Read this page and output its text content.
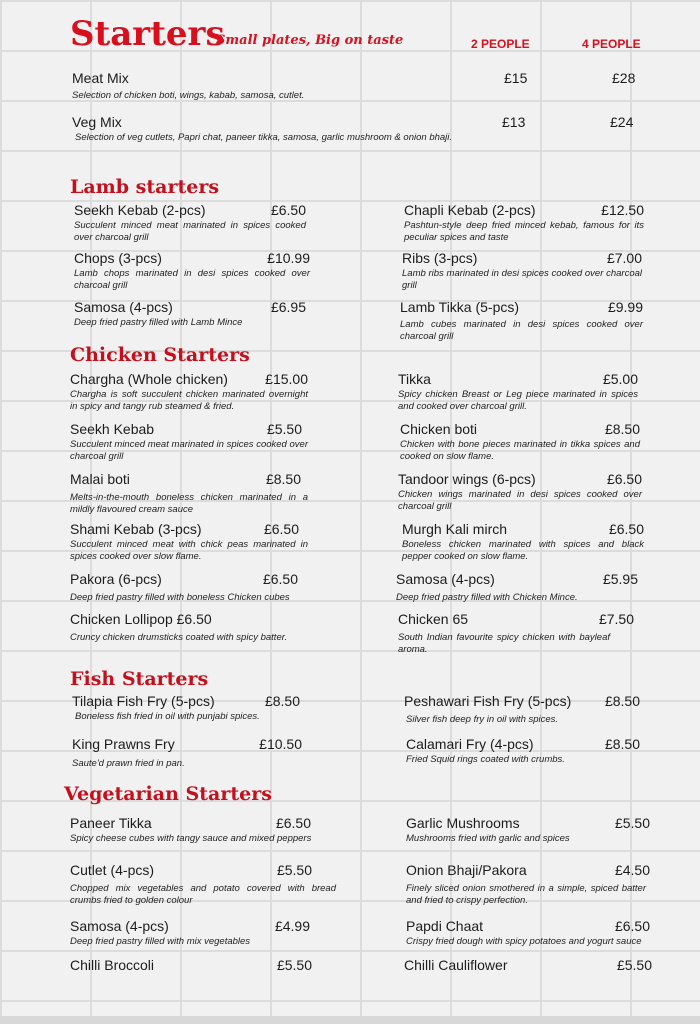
Starters
Small plates, Big on taste	2 PEOPLE	4 PEOPLE
Meat Mix
Selection of chicken boti, wings, kabab, samosa, cutlet.
£15	£28
Veg Mix
Selection of veg cutlets, Papri chat, paneer tikka, samosa, garlic mushroom & onion bhaji.
£13	£24
Lamb starters
Seekh Kebab (2-pcs)	£6.50
Succulent minced meat marinated in spices cooked over charcoal grill
Chops (3-pcs)	£10.99
Lamb chops marinated in desi spices cooked over charcoal grill
Samosa (4-pcs)	£6.95
Deep fried pastry filled with Lamb Mince
Chapli Kebab (2-pcs)	£12.50
Pashtun-style deep fried minced kebab, famous for its peculiar spices and taste
Ribs (3-pcs)	£7.00
Lamb ribs marinated in desi spices cooked over charcoal grill
Lamb Tikka (5-pcs)	£9.99
Lamb cubes marinated in desi spices cooked over charcoal grill
Chicken Starters
Chargha (Whole chicken)	£15.00
Chargha is soft succulent chicken marinated overnight in spicy and tangy rub steamed & fried.
Seekh Kebab	£5.50
Succulent minced meat marinated in spices cooked over charcoal grill
Malai boti	£8.50
Melts-in-the-mouth boneless chicken marinated in a mildly flavoured cream sauce
Shami Kebab (3-pcs)	£6.50
Succulent minced meat with chick peas marinated in spices cooked over slow flame.
Pakora (6-pcs)	£6.50
Deep fried pastry filled with boneless Chicken cubes
Chicken Lollipop £6.50
Cruncy chicken drumsticks coated with spicy batter.
Tikka	£5.00
Spicy chicken Breast or Leg piece marinated in spices and cooked over charcoal grill.
Chicken boti	£8.50
Chicken with bone pieces marinated in tikka spices and cooked on slow flame.
Tandoor wings (6-pcs)	£6.50
Chicken wings marinated in desi spices cooked over charcoal grill
Murgh Kali mirch	£6.50
Boneless chicken marinated with spices and black pepper cooked on slow flame.
Samosa (4-pcs)	£5.95
Deep fried pastry filled with Chicken Mince.
Chicken 65	£7.50
South Indian favourite spicy chicken with bayleaf aroma.
Fish Starters
Tilapia Fish Fry (5-pcs)	£8.50
Boneless fish fried in oil with punjabi spices.
King Prawns Fry	£10.50
Saute'd prawn fried in pan.
Peshawari Fish Fry (5-pcs) £8.50
Silver fish deep fry in oil with spices.
Calamari Fry (4-pcs)	£8.50
Fried Squid rings coated with crumbs.
Vegetarian Starters
Paneer Tikka	£6.50
Spicy cheese cubes with tangy sauce and mixed peppers
Cutlet (4-pcs)	£5.50
Chopped mix vegetables and potato covered with bread crumbs fried to golden colour
Samosa (4-pcs)	£4.99
Deep fried pastry filled with mix vegetables
Chilli Broccoli	£5.50
Garlic Mushrooms	£5.50
Mushrooms fried with garlic and spices
Onion Bhaji/Pakora	£4.50
Finely sliced onion smothered in a simple, spiced batter and fried to crispy perfection.
Papdi Chaat	£6.50
Crispy fried dough with spicy potatoes and yogurt sauce
Chilli Cauliflower	£5.50
